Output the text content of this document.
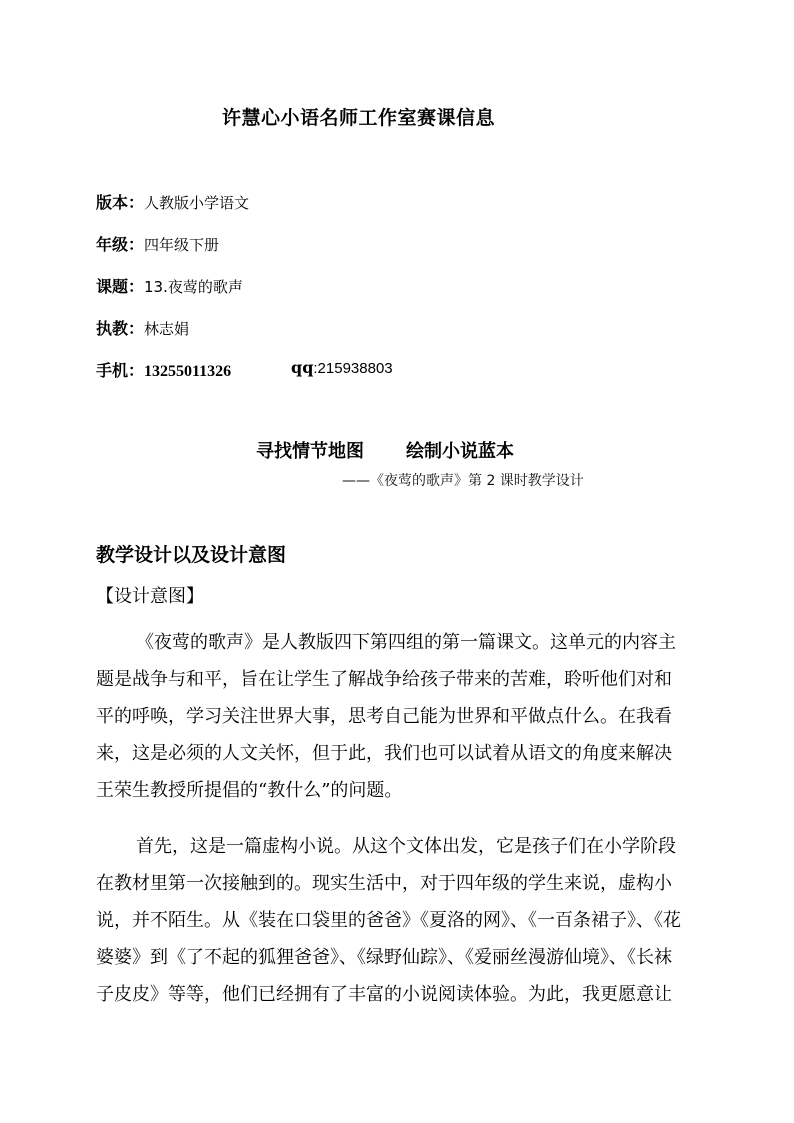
许慧心小语名师工作室赛课信息
版本：人教版小学语文
年级：四年级下册
课题：13.夜莺的歌声
执教：林志娟
手机：13255011326	qq:215938803
寻找情节地图 绘制小说蓝本
——《夜莺的歌声》第 2 课时教学设计
教学设计以及设计意图
【设计意图】
《夜莺的歌声》是人教版四下第四组的第一篇课文。这单元的内容主
题是战争与和平，旨在让学生了解战争给孩子带来的苦难，聆听他们对和
平的呼唤，学习关注世界大事，思考自己能为世界和平做点什么。在我看
来，这是必须的人文关怀，但于此，我们也可以试着从语文的角度来解决
王荣生教授所提倡的“教什么”的问题。
首先，这是一篇虚构小说。从这个文体出发，它是孩子们在小学阶段
在教材里第一次接触到的。现实生活中，对于四年级的学生来说，虚构小
说，并不陌生。从《装在口袋里的爸爸》《夏洛的网》、《一百条裙子》、《花
婆婆》到《了不起的狐狸爸爸》、《绿野仙踪》、《爱丽丝漫游仙境》、《长袜
子皮皮》等等，他们已经拥有了丰富的小说阅读体验。为此，我更愿意让
